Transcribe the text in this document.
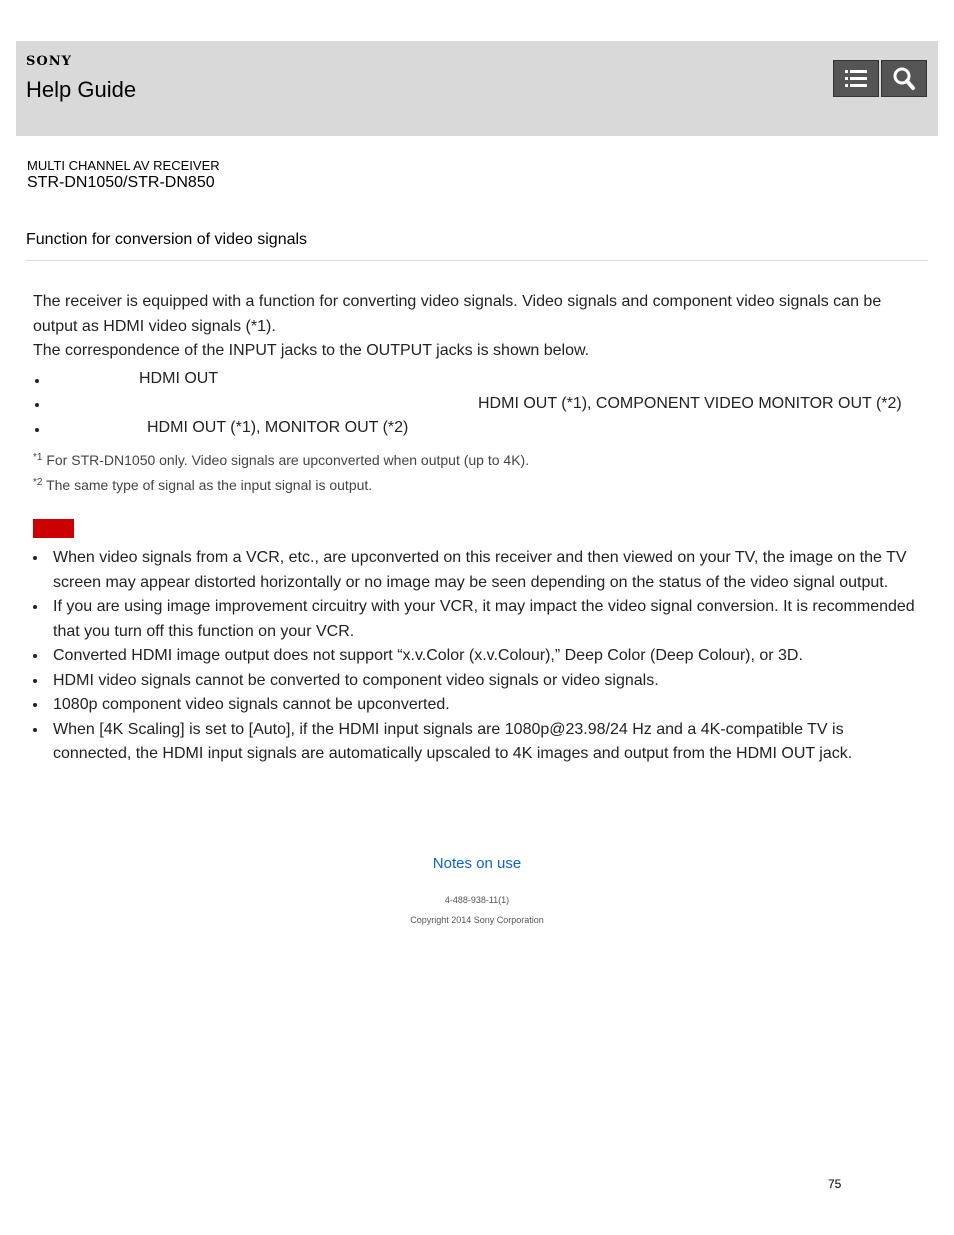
SONY
Help Guide
MULTI CHANNEL AV RECEIVER
STR-DN1050/STR-DN850
Function for conversion of video signals

The receiver is equipped with a function for converting video signals. Video signals and component video signals can be output as HDMI video signals (*1).

The correspondence of the INPUT jacks to the OUTPUT jacks is shown below.

HDMI OUT
HDMI OUT (*1), COMPONENT VIDEO MONITOR OUT (*2)
HDMI OUT (*1), MONITOR OUT (*2)
$^{*1}$ For STR-DN1050 only. Video signals are upconverted when output (up to 4K).
$^{*2}$ The same type of signal as the input signal is output.
When video signals from a VCR, etc., are upconverted on this receiver and then viewed on your TV, the image on the TV screen may appear distorted horizontally or no image may be seen depending on the status of the video signal output.
If you are using image improvement circuitry with your VCR, it may impact the video signal conversion. It is recommended that you turn off this function on your VCR.
Converted HDMI image output does not support “x.v.Color (x.v.Colour),” Deep Color (Deep Colour), or 3D.
HDMI video signals cannot be converted to component video signals or video signals.
1080p component video signals cannot be upconverted.
When [4K Scaling] is set to [Auto], if the HDMI input signals are 1080p@23.98/24 Hz and a 4K-compatible TV is connected, the HDMI input signals are automatically upscaled to 4K images and output from the HDMI OUT jack.
Notes on use
4-488-938-11(1)
Copyright 2014 Sony Corporation
75
